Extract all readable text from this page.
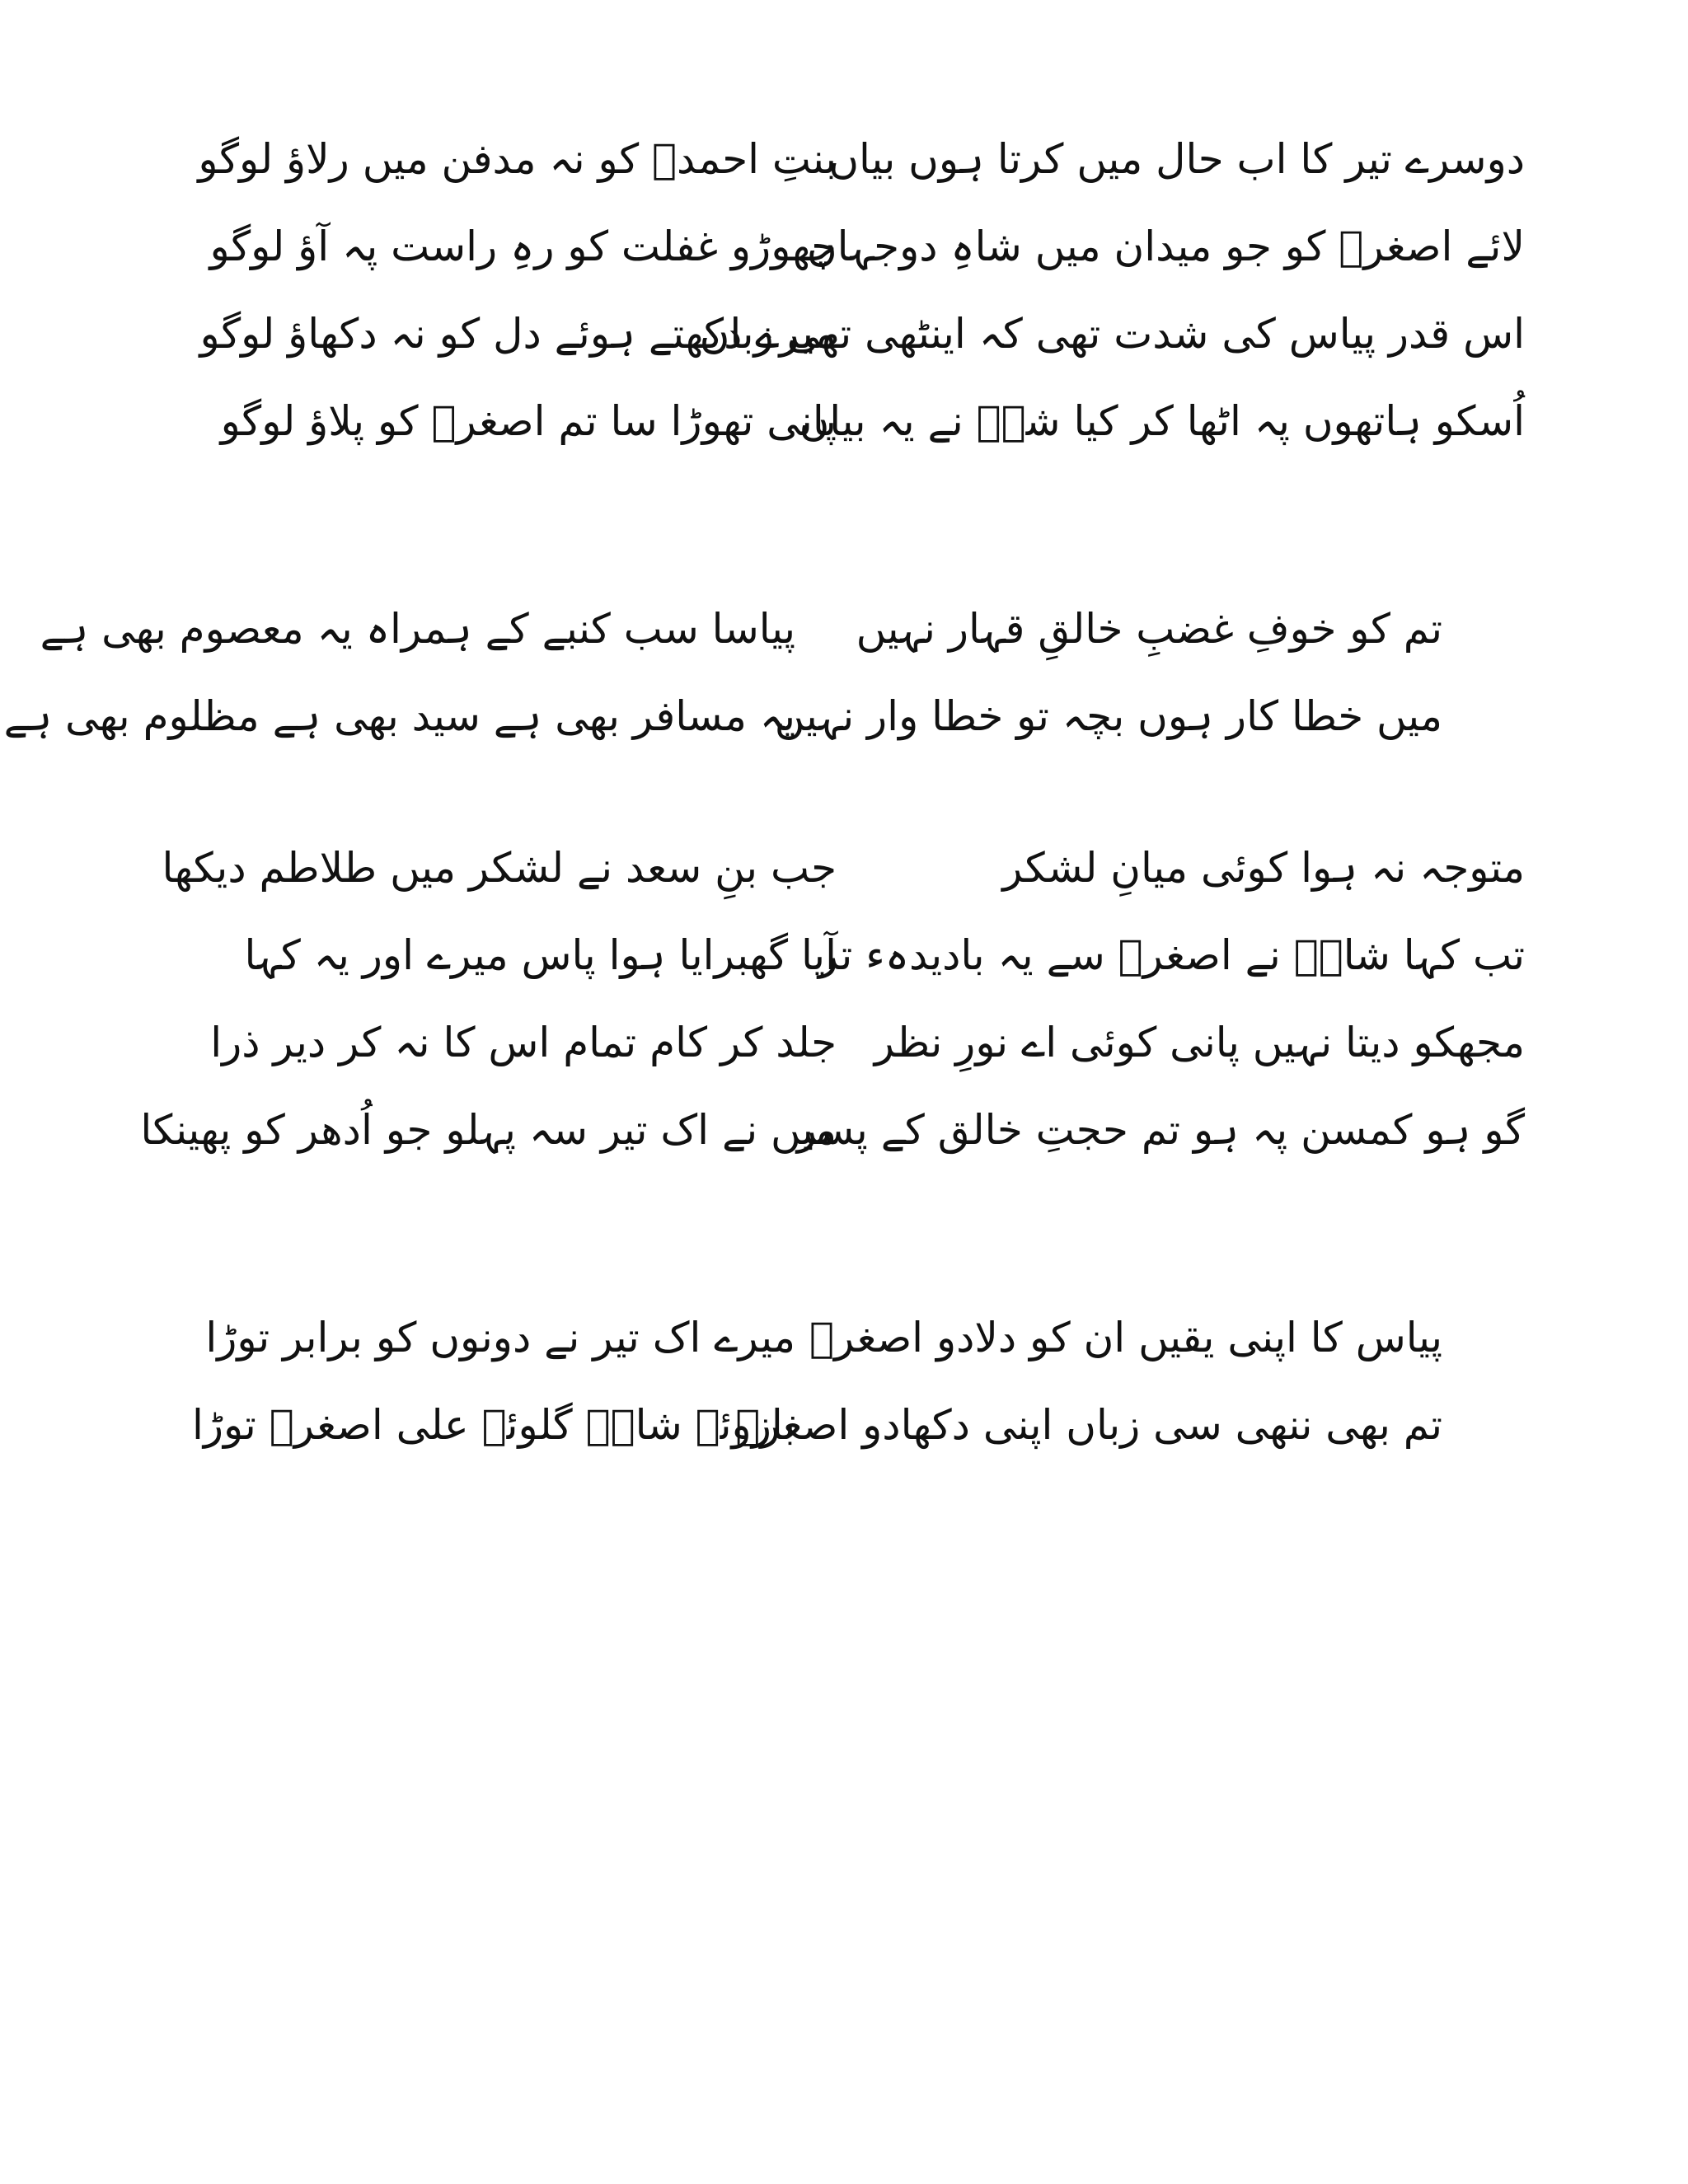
دوسرے تیر کا اب حال میں کرتا ہوں بیاں
بنتِ احمدؐ کو نہ مدفن میں رلاؤ لوگو
لائے اصغرؑ کو جو میدان میں شاہِ دوجہاں
چھوڑو غفلت کو رہِ راست پہ آؤ لوگو
اس قدر پیاس کی شدت تھی کہ اینٹھی تھی زباں
میرے دکھتے ہوئے دل کو نہ دکھاؤ لوگو
اُسکو ہاتھوں پہ اٹھا کر کیا شہؑ نے یہ بیاں
پانی تھوڑا سا تم اصغرؑ کو پلاؤ لوگو
تم کو خوفِ غضبِ خالقِ قہار نہیں
پیاسا سب کنبے کے ہمراہ یہ معصوم بھی ہے
میں خطا کار ہوں بچہ تو خطا وار نہیں
یہ مسافر بھی ہے سید بھی ہے مظلوم بھی ہے
متوجہ نہ ہوا کوئی میانِ لشکر
جب بنِ سعد نے لشکر میں طلاطم دیکھا
تب کہا شاہؑ نے اصغرؑ سے یہ بادیدہء تر
آیا گھبرایا ہوا پاس میرے اور یہ کہا
مجھکو دیتا نہیں پانی کوئی اے نورِ نظر
جلد کر کام تمام اس کا نہ کر دیر ذرا
گو ہو کمسن پہ ہو تم حجتِ خالق کے پسر
میں نے اک تیر سہ پہلو جو اُدھر کو پھینکا
پیاس کا اپنی یقیں ان کو دلادو اصغرؑ
میرے اک تیر نے دونوں کو برابر توڑا
تم بھی ننھی سی زباں اپنی دکھادو اصغرؑ
بازوئے شاہؑ گلوئے علی اصغرؑ توڑا
